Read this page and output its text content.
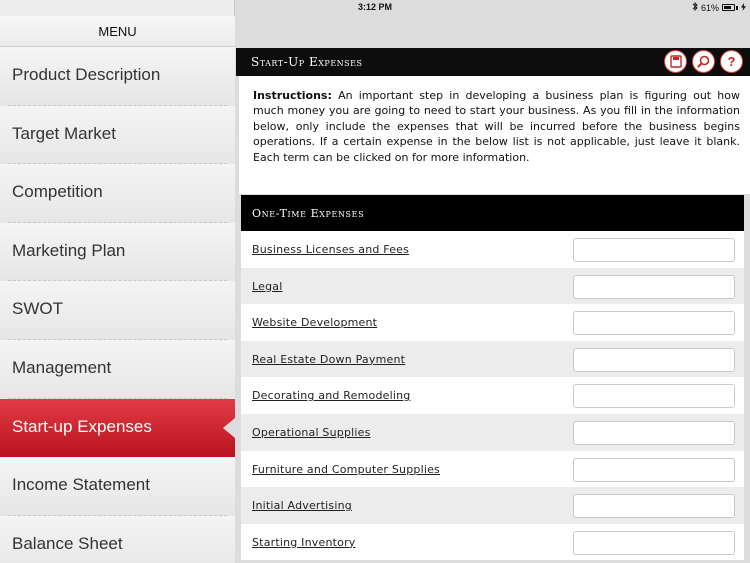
3:12 PM	61%
MENU
Product Description
Target Market
Competition
Marketing Plan
SWOT
Management
Start-up Expenses
Income Statement
Balance Sheet
Start-Up Expenses	?
Instructions: An important step in developing a business plan is figuring out how much money you are going to need to start your business. As you fill in the information below, only include the expenses that will be incurred before the business begins operations. If a certain expense in the below list is not applicable, just leave it blank. Each term can be clicked on for more information.
One-Time Expenses
Business Licenses and Fees
Legal
Website Development
Real Estate Down Payment
Decorating and Remodeling
Operational Supplies
Furniture and Computer Supplies
Initial Advertising
Starting Inventory
